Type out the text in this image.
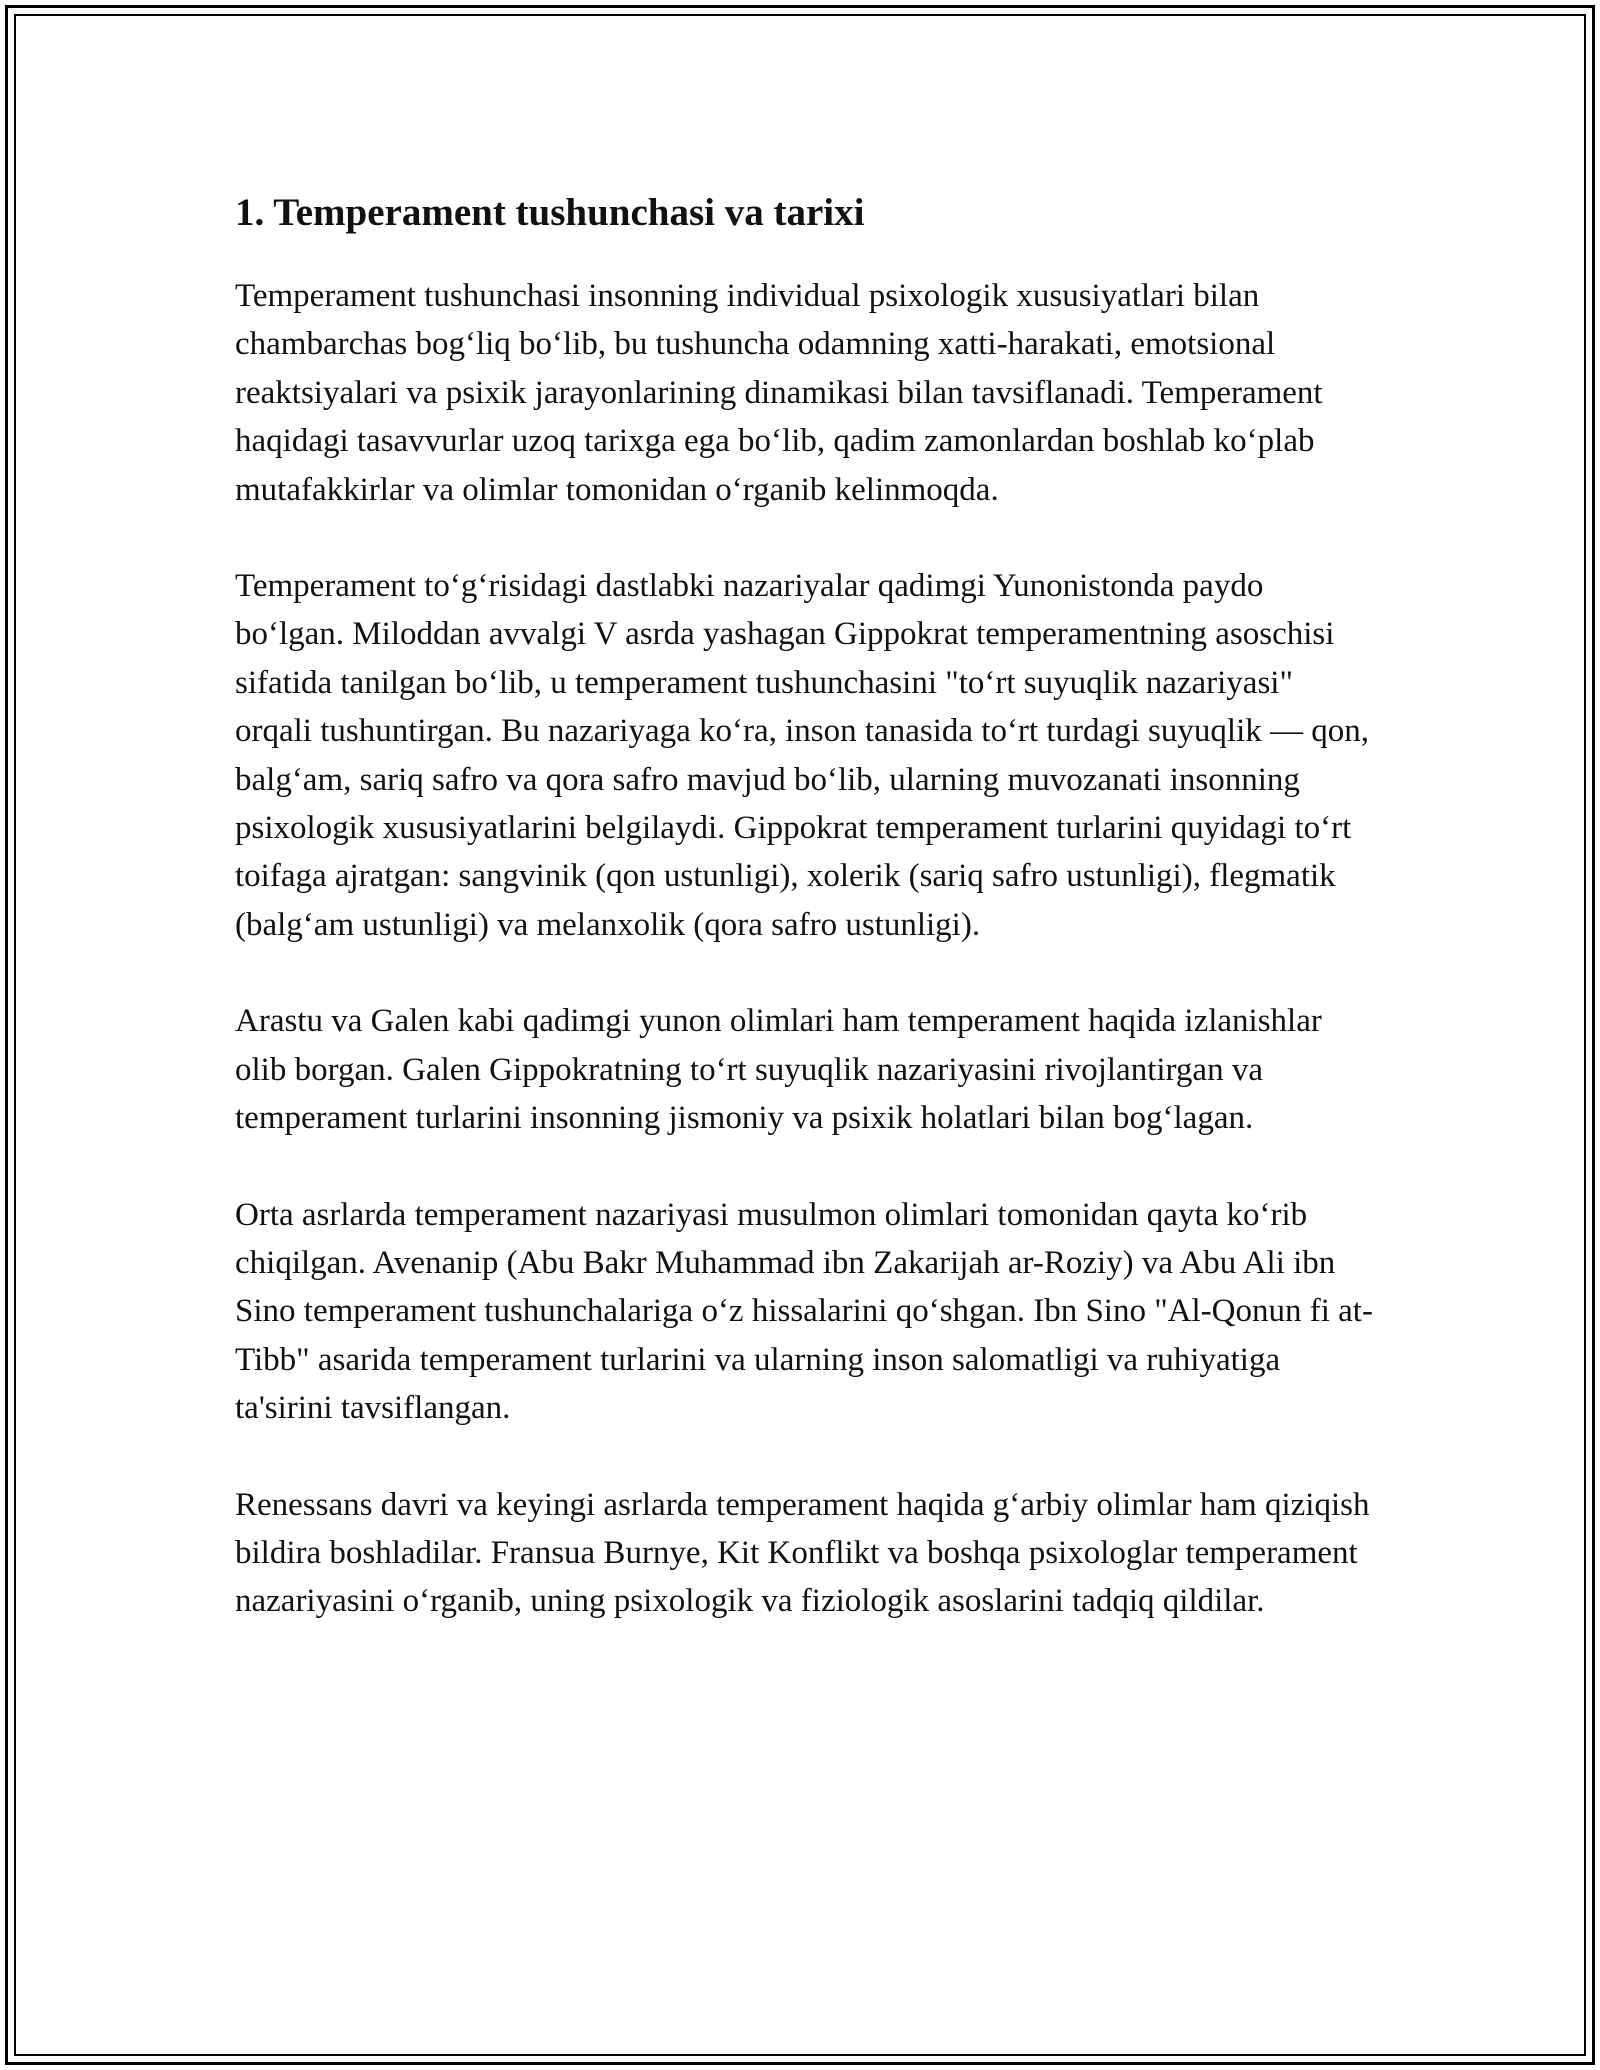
1. Temperament tushunchasi va tarixi

Temperament tushunchasi insonning individual psixologik xususiyatlari bilan chambarchas bog‘liq bo‘lib, bu tushuncha odamning xatti-harakati, emotsional reaktsiyalari va psixik jarayonlarining dinamikasi bilan tavsiflanadi. Temperament haqidagi tasavvurlar uzoq tarixga ega bo‘lib, qadim zamonlardan boshlab ko‘plab mutafakkirlar va olimlar tomonidan o‘rganib kelinmoqda.

Temperament to‘g‘risidagi dastlabki nazariyalar qadimgi Yunonistonda paydo bo‘lgan. Miloddan avvalgi V asrda yashagan Gippokrat temperamentning asoschisi sifatida tanilgan bo‘lib, u temperament tushunchasini "to‘rt suyuqlik nazariyasi" orqali tushuntirgan. Bu nazariyaga ko‘ra, inson tanasida to‘rt turdagi suyuqlik — qon, balg‘am, sariq safro va qora safro mavjud bo‘lib, ularning muvozanati insonning psixologik xususiyatlarini belgilaydi. Gippokrat temperament turlarini quyidagi to‘rt toifaga ajratgan: sangvinik (qon ustunligi), xolerik (sariq safro ustunligi), flegmatik (balg‘am ustunligi) va melanxolik (qora safro ustunligi).

Arastu va Galen kabi qadimgi yunon olimlari ham temperament haqida izlanishlar olib borgan. Galen Gippokratning to‘rt suyuqlik nazariyasini rivojlantirgan va temperament turlarini insonning jismoniy va psixik holatlari bilan bog‘lagan.

Orta asrlarda temperament nazariyasi musulmon olimlari tomonidan qayta ko‘rib chiqilgan. Avenanip (Abu Bakr Muhammad ibn Zakarijah ar-Roziy) va Abu Ali ibn Sino temperament tushunchalariga o‘z hissalarini qo‘shgan. Ibn Sino "Al-Qonun fi at-Tibb" asarida temperament turlarini va ularning inson salomatligi va ruhiyatiga ta'sirini tavsiflangan.

Renessans davri va keyingi asrlarda temperament haqida g‘arbiy olimlar ham qiziqish bildira boshladilar. Fransua Burnye, Kit Konflikt va boshqa psixologlar temperament nazariyasini o‘rganib, uning psixologik va fiziologik asoslarini tadqiq qildilar.
